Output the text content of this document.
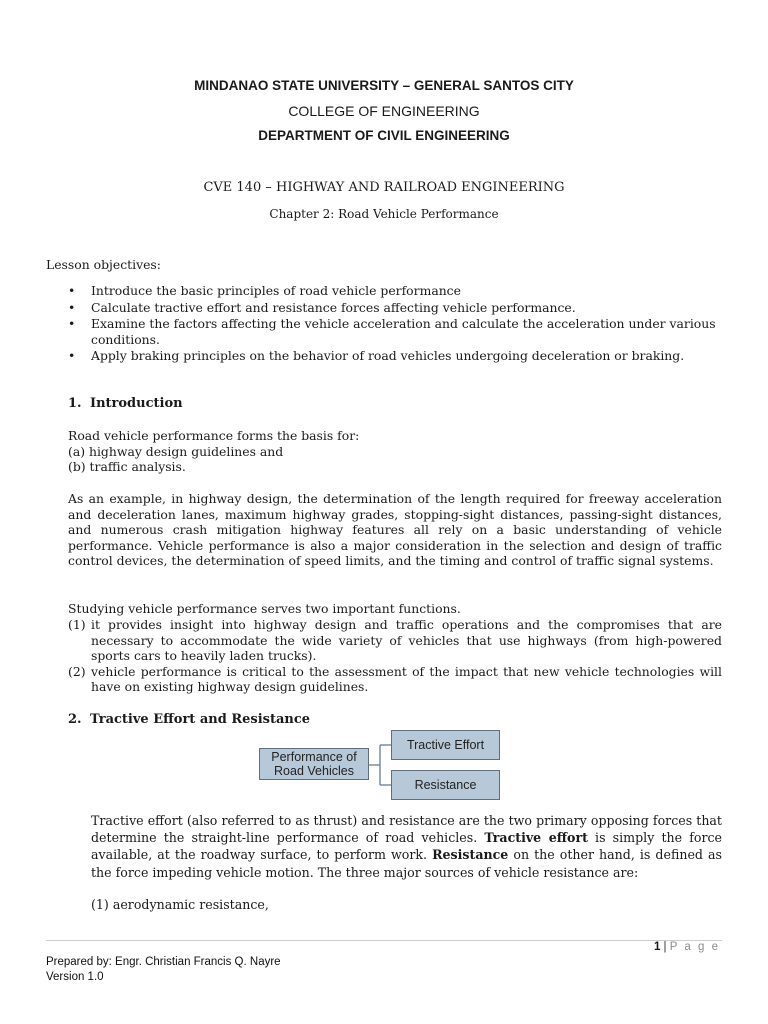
MINDANAO STATE UNIVERSITY – GENERAL SANTOS CITY
COLLEGE OF ENGINEERING
DEPARTMENT OF CIVIL ENGINEERING
CVE 140 – HIGHWAY AND RAILROAD ENGINEERING
Chapter 2: Road Vehicle Performance
Lesson objectives:
• Introduce the basic principles of road vehicle performance
• Calculate tractive effort and resistance forces affecting vehicle performance.
• Examine the factors affecting the vehicle acceleration and calculate the acceleration under various conditions.
• Apply braking principles on the behavior of road vehicles undergoing deceleration or braking.
1. Introduction
Road vehicle performance forms the basis for:
(a) highway design guidelines and
(b) traffic analysis.
As an example, in highway design, the determination of the length required for freeway acceleration and deceleration lanes, maximum highway grades, stopping-sight distances, passing-sight distances, and numerous crash mitigation highway features all rely on a basic understanding of vehicle performance. Vehicle performance is also a major consideration in the selection and design of traffic control devices, the determination of speed limits, and the timing and control of traffic signal systems.
Studying vehicle performance serves two important functions.
(1) it provides insight into highway design and traffic operations and the compromises that are necessary to accommodate the wide variety of vehicles that use highways (from high-powered sports cars to heavily laden trucks).
(2) vehicle performance is critical to the assessment of the impact that new vehicle technologies will have on existing highway design guidelines.
2. Tractive Effort and Resistance
Performance of Road Vehicles
Tractive Effort
Resistance
Tractive effort (also referred to as thrust) and resistance are the two primary opposing forces that determine the straight-line performance of road vehicles. Tractive effort is simply the force available, at the roadway surface, to perform work. Resistance on the other hand, is defined as the force impeding vehicle motion. The three major sources of vehicle resistance are:
(1) aerodynamic resistance,
1 | P a g e
Prepared by: Engr. Christian Francis Q. Nayre
Version 1.0
